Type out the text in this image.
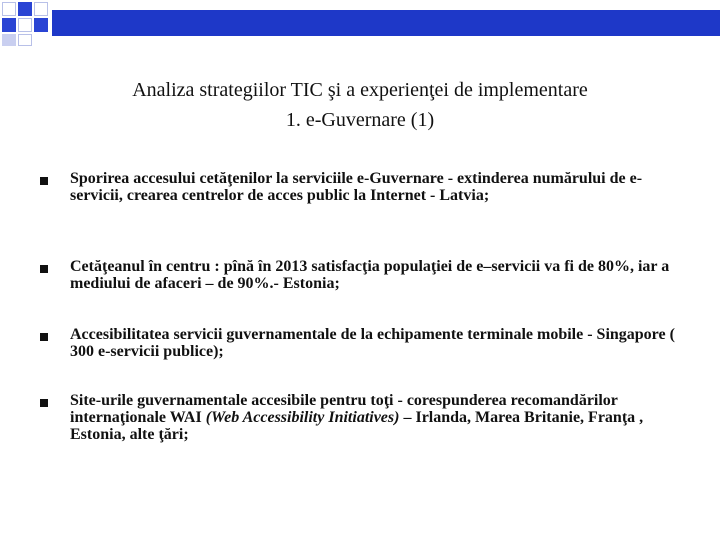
Analiza strategiilor TIC şi a experienţei de implementare
1. e-Guvernare (1)
Sporirea accesului cetăţenilor la serviciile e-Guvernare - extinderea numărului de e-servicii, crearea centrelor de acces public la Internet - Latvia;
Cetăţeanul în centru : pînă în 2013 satisfacţia populaţiei de e–servicii va fi de 80%, iar a mediului de afaceri – de 90%.- Estonia;
Accesibilitatea servicii guvernamentale de la echipamente terminale mobile - Singapore ( 300 e-servicii publice);
Site-urile guvernamentale accesibile pentru toţi - corespunderea recomandărilor internaţionale WAI (Web Accessibility Initiatives) – Irlanda, Marea Britanie, Franţa , Estonia, alte ţări;
